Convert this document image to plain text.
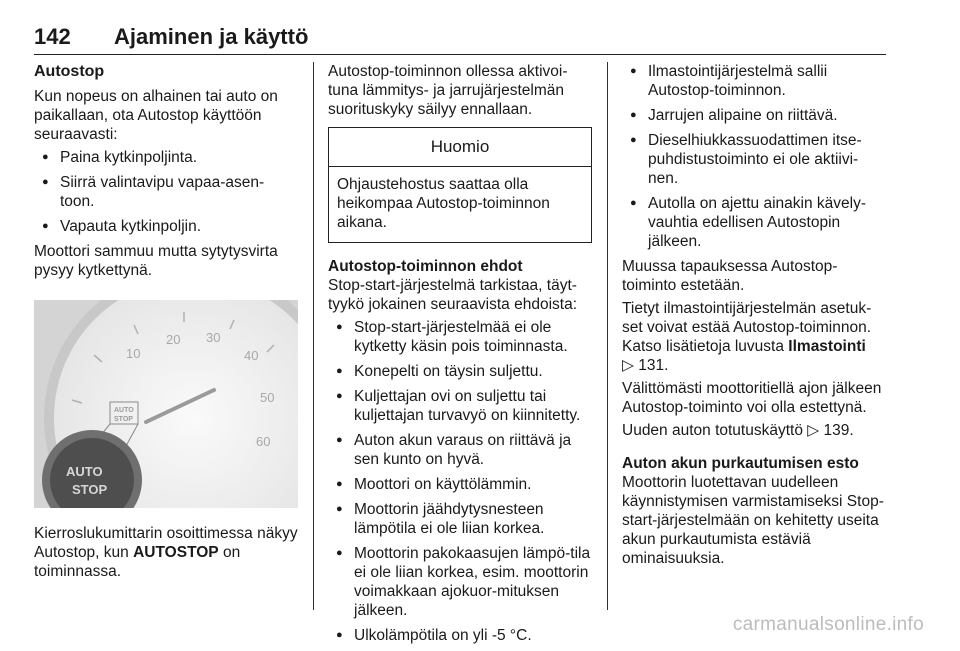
142 Ajaminen ja käyttö
Autostop

Kun nopeus on alhainen tai auto on paikallaan, ota Autostop käyttöön seuraavasti:

● Paina kytkinpoljinta.
● Siirrä valintavipu vapaa-asen-toon.
● Vapauta kytkinpoljin.

Moottori sammuu mutta sytytysvirta pysyy kytkettynä.

10
20 30
40
50
60
AUTO
STOP
AUTO
STOP

Kierroslukumittarin osoittimessa näkyy Autostop, kun AUTOSTOP on toiminnassa.

Autostop-toiminnon ollessa aktivoi-tuna lämmitys- ja jarrujärjestelmän suorituskyky säilyy ennallaan.

Huomio
Ohjaustehostus saattaa olla heikompaa Autostop-toiminnon aikana.
Autostop-toiminnon ehdot

Stop-start-järjestelmä tarkistaa, täyt-tyykö jokainen seuraavista ehdoista:

● Stop-start-järjestelmää ei ole kytketty käsin pois toiminnasta.
● Konepelti on täysin suljettu.
● Kuljettajan ovi on suljettu tai kuljettajan turvavyö on kiinnitetty.
● Auton akun varaus on riittävä ja sen kunto on hyvä.
● Moottori on käyttölämmin.
● Moottorin jäähdytysnesteen lämpötila ei ole liian korkea.
● Moottorin pakokaasujen lämpö-tila ei ole liian korkea, esim. moottorin voimakkaan ajokuor-mituksen jälkeen.
● Ulkolämpötila on yli -5 °C.
● Ilmastointijärjestelmä sallii Autostop-toiminnon.
● Jarrujen alipaine on riittävä.
● Dieselhiukkassuodattimen itse-puhdistustoiminto ei ole aktiivi-nen.
● Autolla on ajettu ainakin kävely-vauhtia edellisen Autostopin jälkeen.

Muussa tapauksessa Autostop-toiminto estetään.

Tietyt ilmastointijärjestelmän asetuk-set voivat estää Autostop-toiminnon. Katso lisätietoja luvusta Ilmastointi
▷ 131.

Välittömästi moottoritiellä ajon jälkeen Autostop-toiminto voi olla estettynä.

Uuden auton totutuskäyttö ▷ 139.

Auton akun purkautumisen esto

Moottorin luotettavan uudelleen käynnistymisen varmistamiseksi Stop-start-järjestelmään on kehitetty useita akun purkautumista estäviä ominaisuuksia.

carmanualsonline.info
